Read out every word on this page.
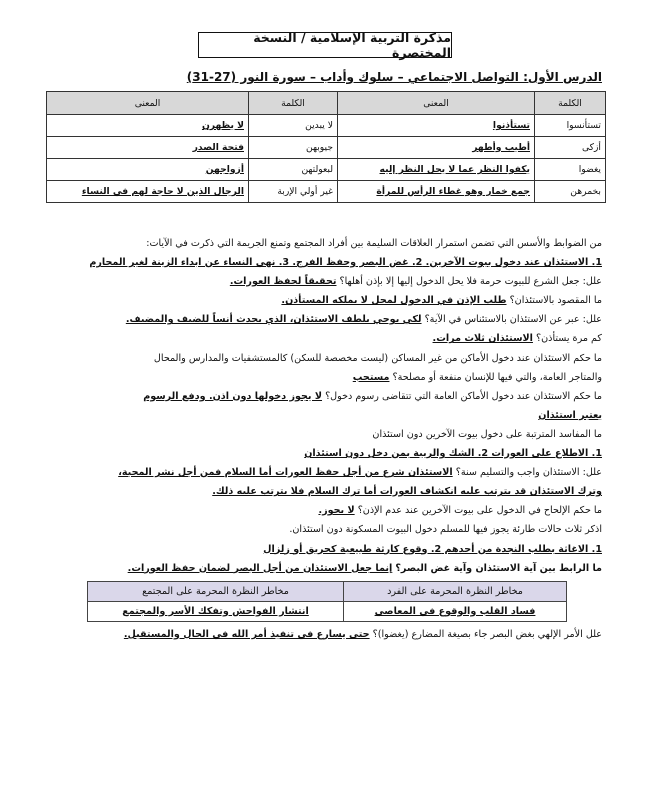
مذكرة التربية الإسلامية / النسخة المختصرة
الدرس الأول: التواصل الاجتماعي – سلوك وأداب – سورة النور (27-31)
الكلمة	المعنى	الكلمة	المعنى
تستأنسوا	تستأذنوا	لا يبدين	لا يظهرن
أزكى	أطيب وأطهر	جيوبهن	فتحة الصدر
يغضوا	يكفوا النظر عما لا يحل النظر إليه	لبعولتهن	أزواجهن
بخمرهن	جمع خمار وهو غطاء الرأس للمرأة	غير أولي الإربة	الرجال الذين لا حاجة لهم في النساء
من الضوابط والأسس التي تضمن استمرار العلاقات السليمة بين أفراد المجتمع وتمنع الجريمة التي ذكرت في الآيات:
1. الاستئذان عند دخول بيوت الآخرين. 2. غض البصر وحفظ الفرج. 3. نهي النساء عن ابداء الزينة لغير المحارم
علل: جعل الشرع للبيوت حرمة فلا يحل الدخول إليها إلا بإذن أهلها؟ تحقيقاً لحفظ العورات.
ما المقصود بالاستئذان؟ طلب الإذن في الدخول لمحل لا يملكه المستأذن.
علل: عبر عن الاستئذان بالاستئناس في الآية؟ لكي يوحي بلطف الاستئذان، الذي يحدث أنساً للضيف والمضيف.
كم مرة يستأذن؟ الاستئذان ثلاث مرات.
ما حكم الاستئذان عند دخول الأماكن من غير المساكن (ليست مخصصة للسكن) كالمستشفيات والمدارس والمحال
والمتاجر العامة، والتي فيها للإنسان منفعة أو مصلحة؟ مستحب
ما حكم الاستئذان عند دخول الأماكن العامة التي تتقاضى رسوم دخول؟ لا يجوز دخولها دون اذن. ودفع الرسوم
يعتبر استئذان
ما المفاسد المترتبة على دخول بيوت الآخرين دون استئذان
1. الاطلاع على العورات 2. الشك والريبة بمن دخل دون استئذان
علل: الاستئذان واجب والتسليم سنة؟ الاستئذان شرع من أجل حفظ العورات أما السلام فمن أجل نشر المحبة،
وترك الاستئذان قد يترتب عليه انكشاف العورات أما ترك السلام فلا يترتب عليه ذلك.
ما حكم الإلحاح في الدخول على بيوت الآخرين عند عدم الإذن؟ لا يجوز.
اذكر ثلاث حالات طارئة يجوز فيها للمسلم دخول البيوت المسكونة دون استئذان.
1. الاغاثة بطلب النجدة من أحدهم 2. وقوع كارثة طبيعية كحريق أو زلزال
ما الرابط بين آية الاستئذان وآية غض البصر؟ إنما جعل الاستئذان من أجل البصر لضمان حفظ العورات.
مخاطر النظرة المحرمة على الفرد	مخاطر النظرة المحرمة على المجتمع
فساد القلب والوقوع في المعاصي	انتشار الفواحش وتفكك الأسر والمجتمع
علل الأمر الإلهي بغض البصر جاء بصيغة المضارع (يغضوا)؟ حتى يسارع في تنفيذ أمر الله في الحال والمستقبل.
